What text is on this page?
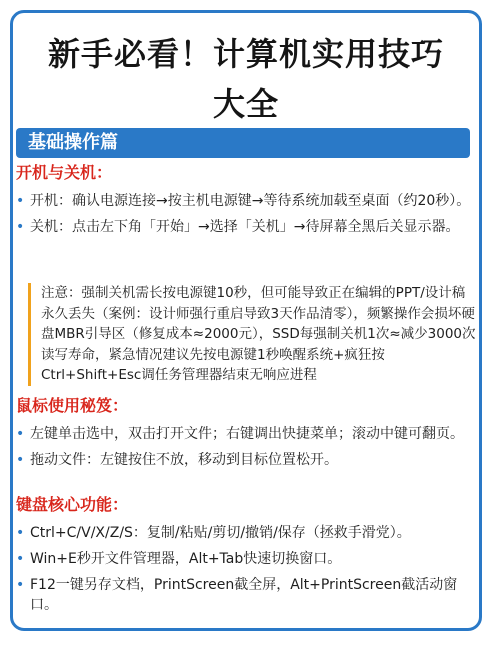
新手必看！计算机实用技巧
大全
基础操作篇
开机与关机：
• 开机：确认电源连接→按主机电源键→等待系统加载至桌面（约20秒）。
• 关机：点击左下角「开始」→选择「关机」→待屏幕全黑后关显示器。
注意：强制关机需长按电源键10秒，但可能导致正在编辑的PPT/设计稿永久丢失（案例：设计师强行重启导致3天作品清零），频繁操作会损坏硬盘MBR引导区（修复成本≈2000元），SSD每强制关机1次≈减少3000次读写寿命，紧急情况建议先按电源键1秒唤醒系统+疯狂按Ctrl+Shift+Esc调任务管理器结束无响应进程
鼠标使用秘笈：
• 左键单击选中，双击打开文件；右键调出快捷菜单；滚动中键可翻页。
• 拖动文件：左键按住不放，移动到目标位置松开。
键盘核心功能：
• Ctrl+C/V/X/Z/S：复制/粘贴/剪切/撤销/保存（拯救手滑党）。
• Win+E秒开文件管理器，Alt+Tab快速切换窗口。
• F12一键另存文档，PrintScreen截全屏，Alt+PrintScreen截活动窗口。
